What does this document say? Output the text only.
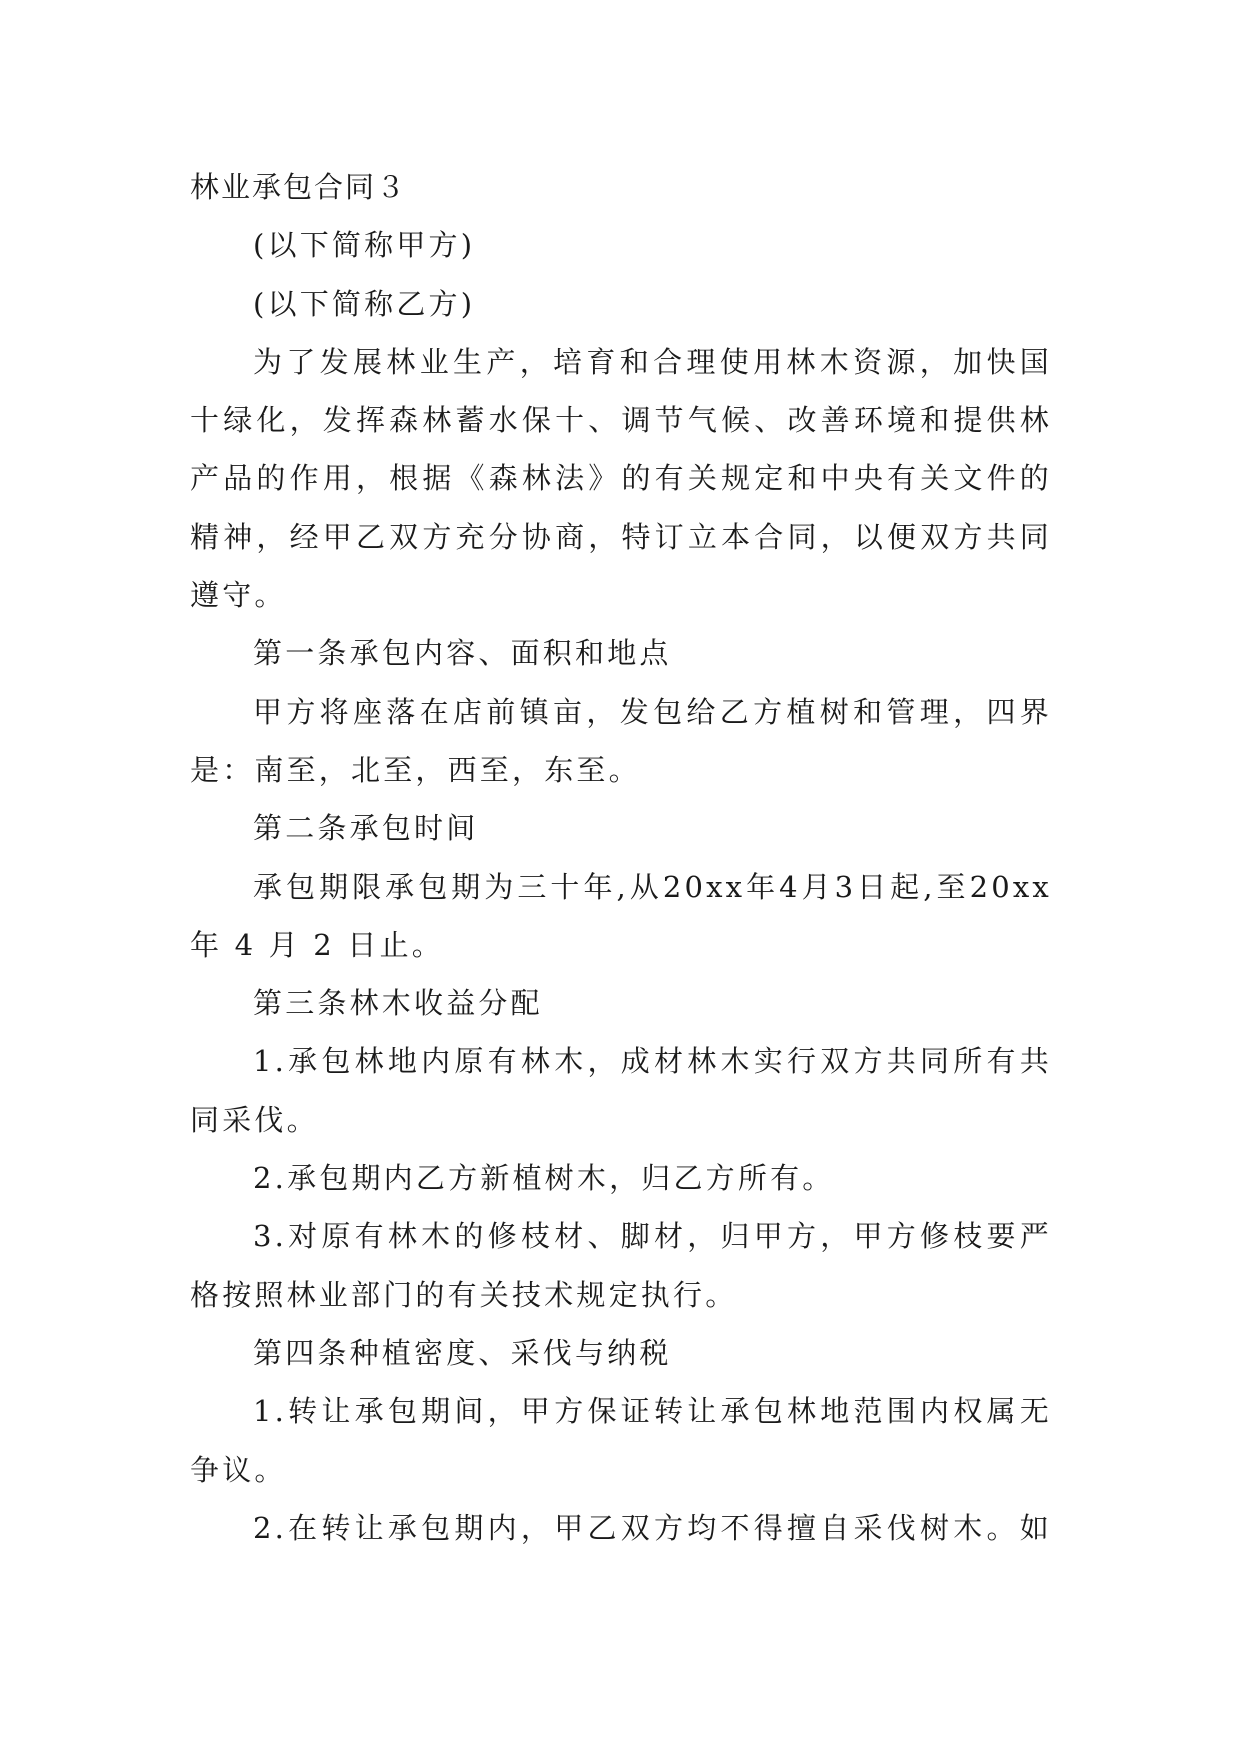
林业承包合同３
(以下简称甲方)
(以下简称乙方)
为了发展林业生产，培育和合理使用林木资源，加快国
十绿化，发挥森林蓄水保十、调节气候、改善环境和提供林
产品的作用，根据《森林法》的有关规定和中央有关文件的
精神，经甲乙双方充分协商，特订立本合同，以便双方共同
遵守。
第一条承包内容、面积和地点
甲方将座落在店前镇亩，发包给乙方植树和管理，四界
是：南至，北至，西至，东至。
第二条承包时间
承包期限承包期为三十年,从20xx年4月3日起,至20xx
年 4 月 2 日止。
第三条林木收益分配
1.承包林地内原有林木，成材林木实行双方共同所有共
同采伐。
2.承包期内乙方新植树木，归乙方所有。
3.对原有林木的修枝材、脚材，归甲方，甲方修枝要严
格按照林业部门的有关技术规定执行。
第四条种植密度、采伐与纳税
1.转让承包期间，甲方保证转让承包林地范围内权属无
争议。
2.在转让承包期内，甲乙双方均不得擅自采伐树木。如
